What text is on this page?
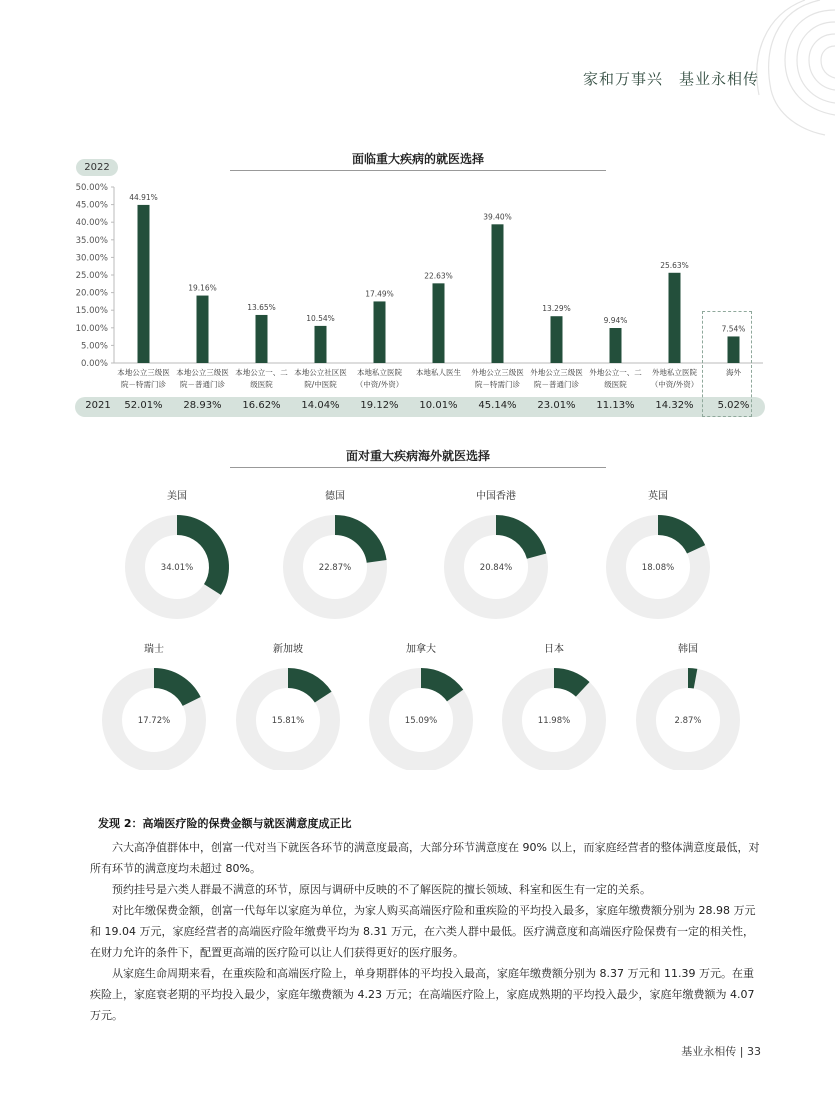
家和万事兴　基业永相传
面临重大疾病的就医选择
2022
2021 52.01% 28.93% 16.62% 14.04% 19.12% 10.01% 45.14% 23.01% 11.13% 14.32% 5.02%
0.00%
5.00%
10.00%
15.00%
20.00%
25.00%
30.00%
35.00%
40.00%
45.00%
50.00%
44.91%
本地公立三级医
院－特需门诊
19.16%
本地公立三级医
院－普通门诊
13.65%
本地公立一、二
级医院
10.54%
本地公立社区医
院/中医院
17.49%
本地私立医院
（中资/外资）
22.63%
本地私人医生
39.40%
外地公立三级医
院－特需门诊
13.29%
外地公立三级医
院－普通门诊
9.94%
外地公立一、二
级医院
25.63%
外地私立医院
（中资/外资）
7.54%
海外
面对重大疾病海外就医选择
美国
34.01%
德国
22.87%
中国香港
20.84%
英国
18.08%
瑞士
17.72%
新加坡
15.81%
加拿大
15.09%
日本
11.98%
韩国
2.87%
发现 2：高端医疗险的保费金额与就医满意度成正比

六大高净值群体中，创富一代对当下就医各环节的满意度最高，大部分环节满意度在 90% 以上，而家庭经营者的整体满意度最低，对所有环节的满意度均未超过 80%。

预约挂号是六类人群最不满意的环节，原因与调研中反映的不了解医院的擅长领域、科室和医生有一定的关系。

对比年缴保费金额，创富一代每年以家庭为单位，为家人购买高端医疗险和重疾险的平均投入最多，家庭年缴费额分别为 28.98 万元和 19.04 万元，家庭经营者的高端医疗险年缴费平均为 8.31 万元，在六类人群中最低。医疗满意度和高端医疗险保费有一定的相关性，在财力允许的条件下，配置更高端的医疗险可以让人们获得更好的医疗服务。

从家庭生命周期来看，在重疾险和高端医疗险上，单身期群体的平均投入最高，家庭年缴费额分别为 8.37 万元和 11.39 万元。在重疾险上，家庭衰老期的平均投入最少，家庭年缴费额为 4.23 万元；在高端医疗险上，家庭成熟期的平均投入最少，家庭年缴费额为 4.07 万元。

基业永相传 | 33
